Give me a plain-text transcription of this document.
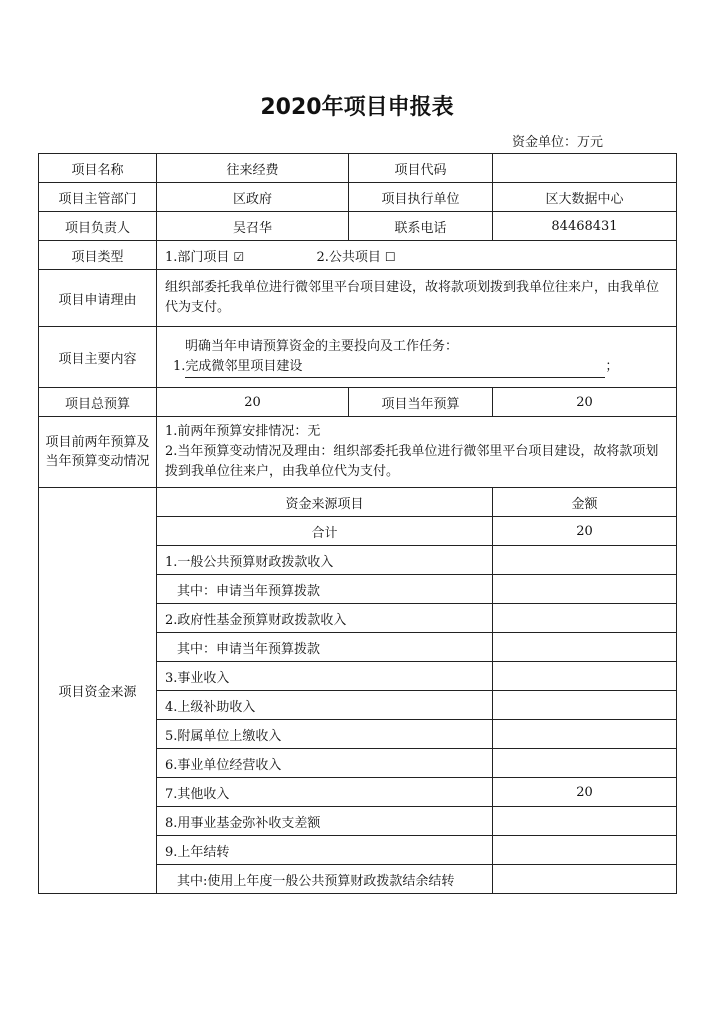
2020年项目申报表
资金单位：万元
项目名称	往来经费	项目代码	
项目主管部门	区政府	项目执行单位	区大数据中心
项目负责人	吴召华	联系电话	84468431
项目类型	1.部门项目 ☑ 2.公共项目 ☐		
项目申请理由	组织部委托我单位进行微邻里平台项目建设，故将款项划拨到我单位往来户，由我单位代为支付。		
项目主要内容	明确当年申请预算资金的主要投向及工作任务：
1.完成微邻里项目建设 ；		

项目总预算	20	项目当年预算	20
项目前两年预算及当年预算变动情况	1.前两年预算安排情况：无
2.当年预算变动情况及理由：组织部委托我单位进行微邻里平台项目建设，故将款项划拨到我单位往来户，由我单位代为支付。		

项目资金来源	资金来源项目		金额
	合计		20
	1.一般公共预算财政拨款收入		
	其中：申请当年预算拨款		
	2.政府性基金预算财政拨款收入		
	其中：申请当年预算拨款		
	3.事业收入		
	4.上级补助收入		
	5.附属单位上缴收入		
	6.事业单位经营收入		
	7.其他收入		20
	8.用事业基金弥补收支差额		
	9.上年结转		
	其中:使用上年度一般公共预算财政拨款结余结转		
